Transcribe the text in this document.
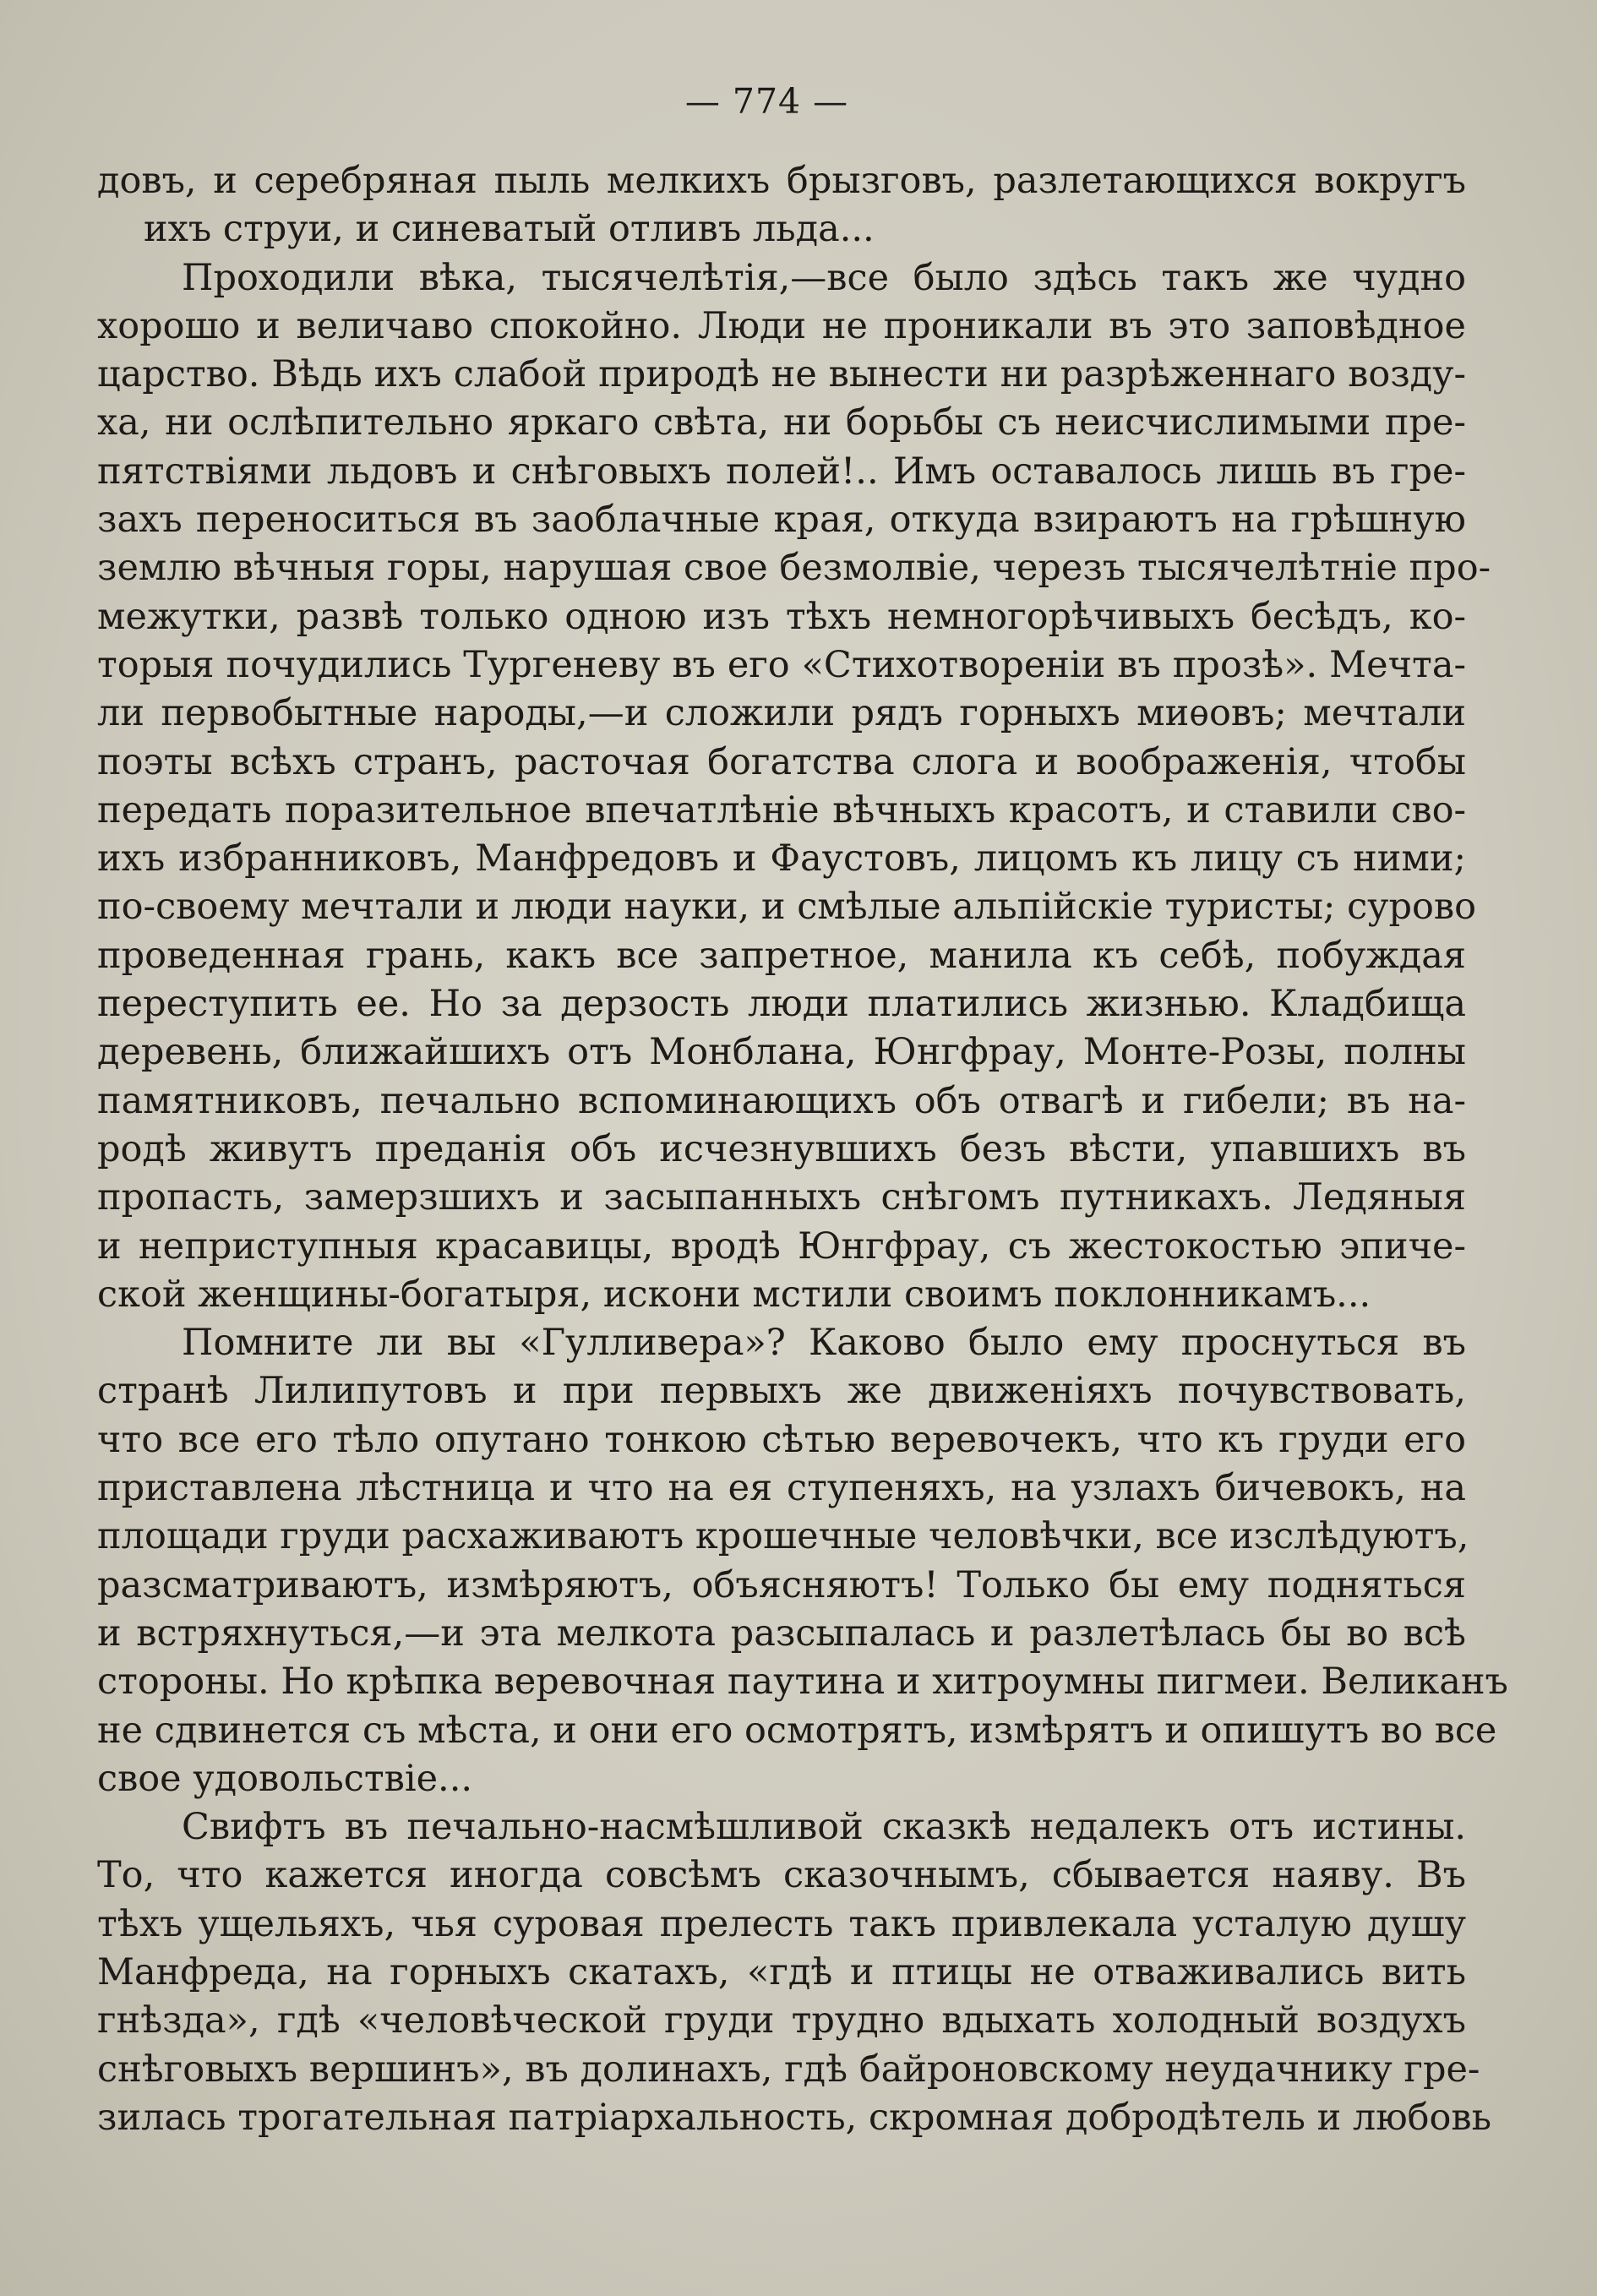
— 774 —
довъ, и серебряная пыль мелкихъ брызговъ, разлетающихся вокругъ
ихъ струи, и синеватый отливъ льда...
Проходили вѣка, тысячелѣтія,—все было здѣсь такъ же чудно
хорошо и величаво спокойно. Люди не проникали въ это заповѣдное
царство. Вѣдь ихъ слабой природѣ не вынести ни разрѣженнаго возду-
ха, ни ослѣпительно яркаго свѣта, ни борьбы съ неисчислимыми пре-
пятствіями льдовъ и снѣговыхъ полей!.. Имъ оставалось лишь въ гре-
захъ переноситься въ заоблачные края, откуда взираютъ на грѣшную
землю вѣчныя горы, нарушая свое безмолвіе, черезъ тысячелѣтніе про-
межутки, развѣ только одною изъ тѣхъ немногорѣчивыхъ бесѣдъ, ко-
торыя почудились Тургеневу въ его «Стихотвореніи въ прозѣ». Мечта-
ли первобытные народы,—и сложили рядъ горныхъ миѳовъ; мечтали
поэты всѣхъ странъ, расточая богатства слога и воображенія, чтобы
передать поразительное впечатлѣніе вѣчныхъ красотъ, и ставили сво-
ихъ избранниковъ, Манфредовъ и Фаустовъ, лицомъ къ лицу съ ними;
по-своему мечтали и люди науки, и смѣлые альпійскіе туристы; сурово
проведенная грань, какъ все запретное, манила къ себѣ, побуждая
переступить ее. Но за дерзость люди платились жизнью. Кладбища
деревень, ближайшихъ отъ Монблана, Юнгфрау, Монте-Розы, полны
памятниковъ, печально вспоминающихъ объ отвагѣ и гибели; въ на-
родѣ живутъ преданія объ исчезнувшихъ безъ вѣсти, упавшихъ въ
пропасть, замерзшихъ и засыпанныхъ снѣгомъ путникахъ. Ледяныя
и неприступныя красавицы, вродѣ Юнгфрау, съ жестокостью эпиче-
ской женщины-богатыря, искони мстили своимъ поклонникамъ...
Помните ли вы «Гулливера»? Каково было ему проснуться въ
странѣ Лилипутовъ и при первыхъ же движеніяхъ почувствовать,
что все его тѣло опутано тонкою сѣтью веревочекъ, что къ груди его
приставлена лѣстница и что на ея ступеняхъ, на узлахъ бичевокъ, на
площади груди расхаживаютъ крошечные человѣчки, все изслѣдуютъ,
разсматриваютъ, измѣряютъ, объясняютъ! Только бы ему подняться
и встряхнуться,—и эта мелкота разсыпалась и разлетѣлась бы во всѣ
стороны. Но крѣпка веревочная паутина и хитроумны пигмеи. Великанъ
не сдвинется съ мѣста, и они его осмотрятъ, измѣрятъ и опишутъ во все
свое удовольствіе...
Свифтъ въ печально-насмѣшливой сказкѣ недалекъ отъ истины.
То, что кажется иногда совсѣмъ сказочнымъ, сбывается наяву. Въ
тѣхъ ущельяхъ, чья суровая прелесть такъ привлекала усталую душу
Манфреда, на горныхъ скатахъ, «гдѣ и птицы не отваживались вить
гнѣзда», гдѣ «человѣческой груди трудно вдыхать холодный воздухъ
снѣговыхъ вершинъ», въ долинахъ, гдѣ байроновскому неудачнику гре-
зилась трогательная патріархальность, скромная добродѣтель и любовь
